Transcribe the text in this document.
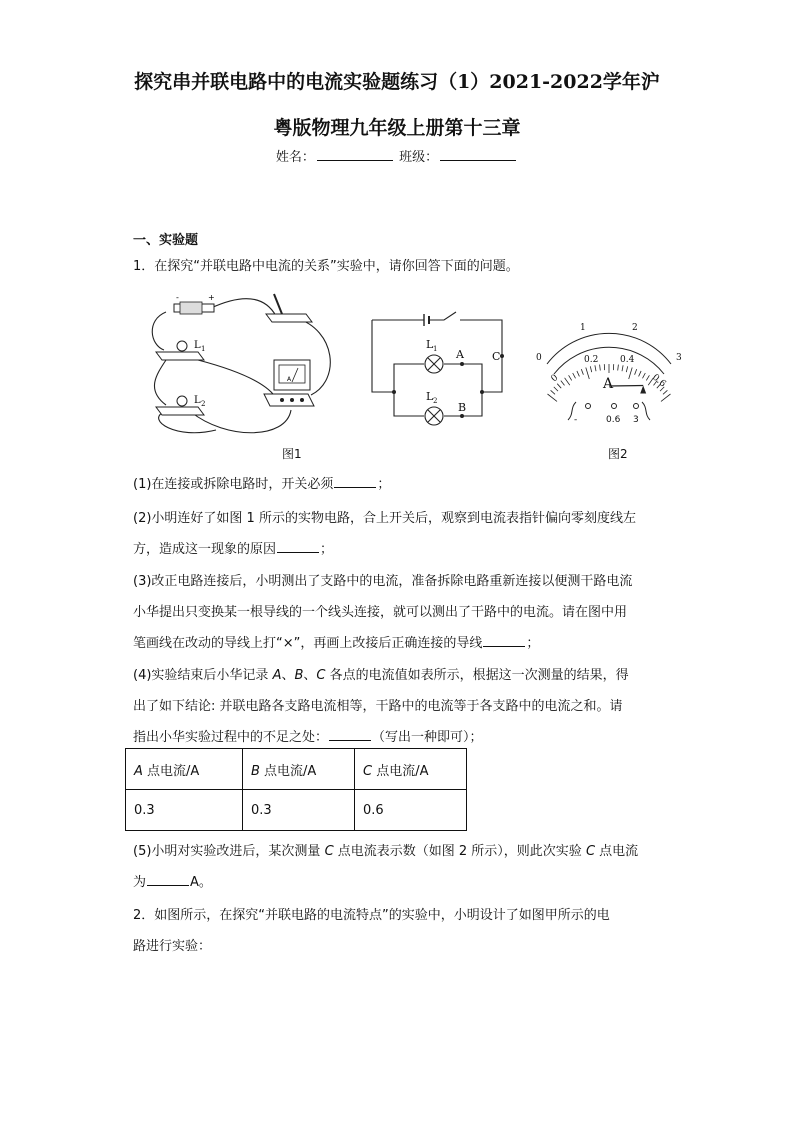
探究串并联电路中的电流实验题练习（1）2021-2022学年沪
粤版物理九年级上册第十三章
姓名：	班级：
一、实验题
1．在探究“并联电路中电流的关系”实验中，请你回答下面的问题。
-	+
L 1
L 2
A
图1
L 1
L 2
A
B
C	0
1	2
3
0
0.2 0.4
0.6
A
-	0.6 3
图2
(1)在连接或拆除电路时，开关必须	；
(2)小明连好了如图 1 所示的实物电路，合上开关后，观察到电流表指针偏向零刻度线左
方，造成这一现象的原因	；
(3)改正电路连接后，小明测出了支路中的电流，准备拆除电路重新连接以便测干路电流
小华提出只变换某一根导线的一个线头连接，就可以测出了干路中的电流。请在图中用
笔画线在改动的导线上打“×”，再画上改接后正确连接的导线	；
(4)实验结束后小华记录 A、B、C 各点的电流值如表所示，根据这一次测量的结果，得
出了如下结论: 并联电路各支路电流相等，干路中的电流等于各支路中的电流之和。请
指出小华实验过程中的不足之处：	（写出一种即可）；
A 点电流/A	B 点电流/A	C 点电流/A
0.3	0.3	0.6
(5)小明对实验改进后，某次测量 C 点电流表示数（如图 2 所示），则此次实验 C 点电流
为	A。
2．如图所示，在探究“并联电路的电流特点”的实验中，小明设计了如图甲所示的电
路进行实验：
